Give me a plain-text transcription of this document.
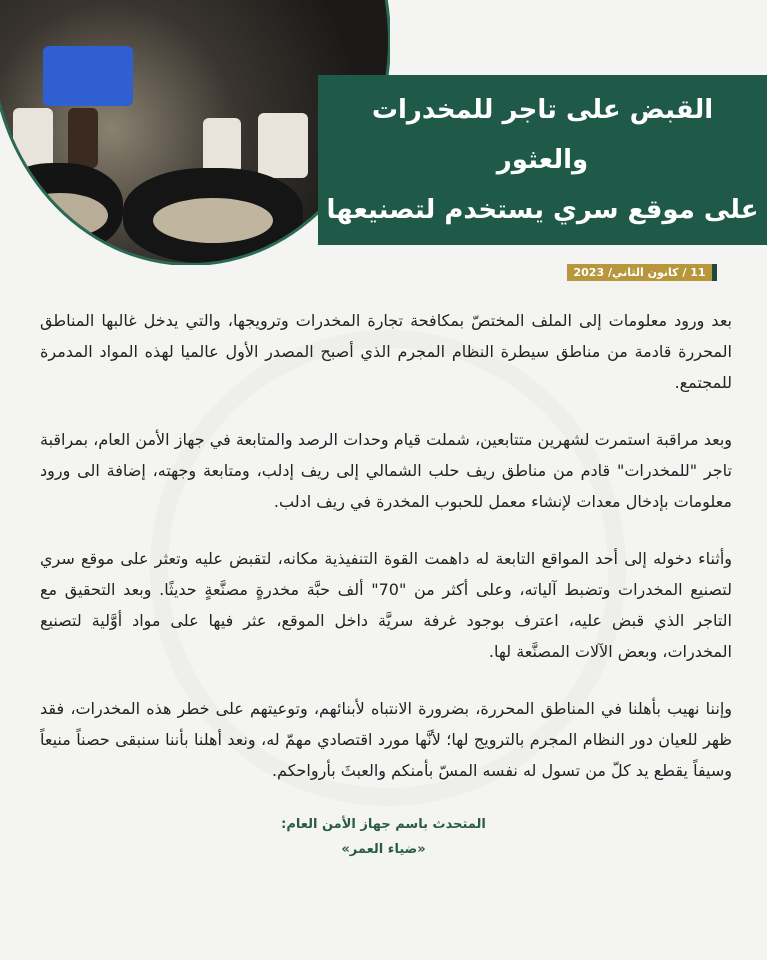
القبض على تاجر للمخدرات والعثور
على موقع سري يستخدم لتصنيعها
11 / كانون الثاني/ 2023

بعد ورود معلومات إلى الملف المختصّ بمكافحة تجارة المخدرات وترويجها، والتي يدخل غالبها المناطق المحررة قادمة من مناطق سيطرة النظام المجرم الذي أصبح المصدر الأول عالميا لهذه المواد المدمرة للمجتمع.

وبعد مراقبة استمرت لشهرين متتابعين، شملت قيام وحدات الرصد والمتابعة في جهاز الأمن العام، بمراقبة تاجر "للمخدرات" قادم من مناطق ريف حلب الشمالي إلى ريف إدلب، ومتابعة وجهته، إضافة الى ورود معلومات بإدخال معدات لإنشاء معمل للحبوب المخدرة في ريف ادلب.

وأثناء دخوله إلى أحد المواقع التابعة له داهمت القوة التنفيذية مكانه، لتقبض عليه وتعثر على موقع سري لتصنيع المخدرات وتضبط آلياته، وعلى أكثر من "70" ألف حبَّة مخدرةٍ مصنَّعةٍ حديثًا. وبعد التحقيق مع التاجر الذي قبض عليه، اعترف بوجود غرفة سريَّة داخل الموقع، عثر فيها على مواد أوَّلية لتصنيع المخدرات، وبعض الآلات المصنَّعة لها.

وإننا نهيب بأهلنا في المناطق المحررة، بضرورة الانتباه لأبنائهم، وتوعيتهم على خطر هذه المخدرات، فقد ظهر للعيان دور النظام المجرم بالترويج لها؛ لأنَّها مورد اقتصادي مهمّ له، ونعد أهلنا بأننا سنبقى حصناً منيعاً وسيفاً يقطع يد كلّ من تسول له نفسه المسّ بأمنكم والعبثَ بأرواحكم.

المتحدث باسم جهاز الأمن العام:
«ضياء العمر»
